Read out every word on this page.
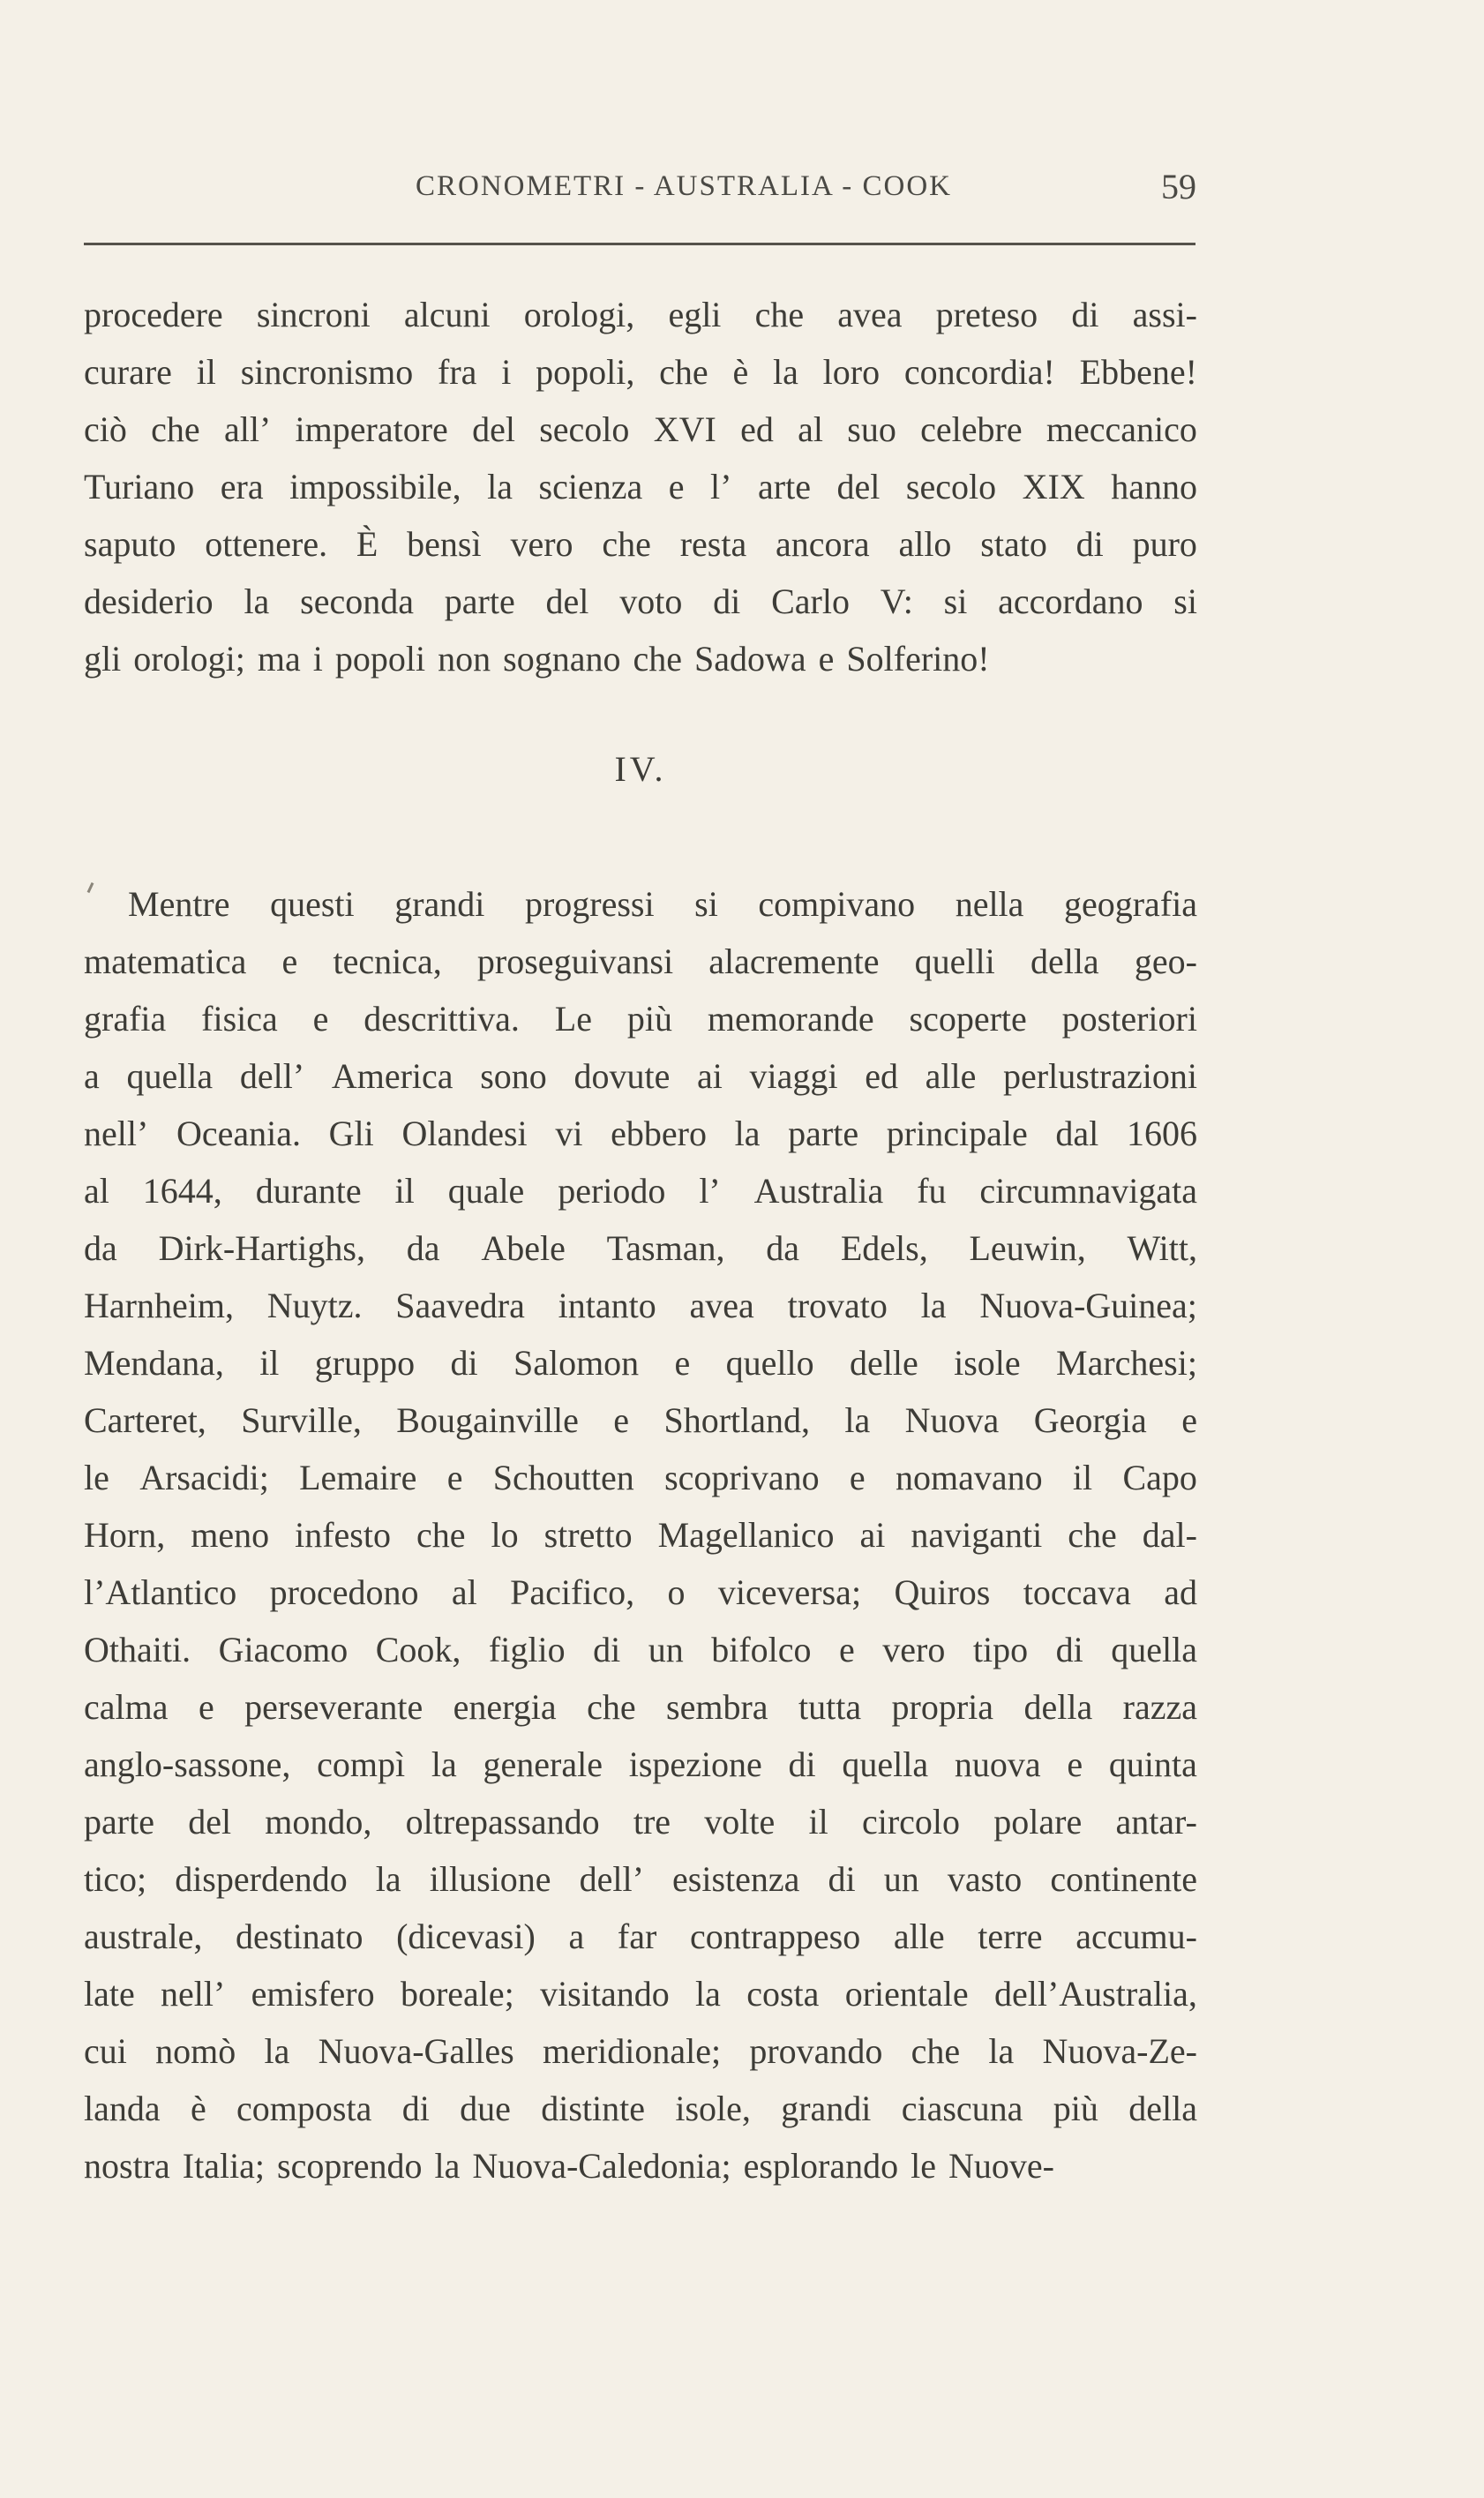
CRONOMETRI - AUSTRALIA - COOK	59
procedere sincroni alcuni orologi, egli che avea preteso di assi-
curare il sincronismo fra i popoli, che è la loro concordia! Ebbene!
ciò che all’ imperatore del secolo XVI ed al suo celebre meccanico
Turiano era impossibile, la scienza e l’ arte del secolo XIX hanno
saputo ottenere. È bensì vero che resta ancora allo stato di puro
desiderio la seconda parte del voto di Carlo V: si accordano si
gli orologi; ma i popoli non sognano che Sadowa e Solferino!
IV.
Mentre questi grandi progressi si compivano nella geografia
matematica e tecnica, proseguivansi alacremente quelli della geo-
grafia fisica e descrittiva. Le più memorande scoperte posteriori
a quella dell’ America sono dovute ai viaggi ed alle perlustrazioni
nell’ Oceania. Gli Olandesi vi ebbero la parte principale dal 1606
al 1644, durante il quale periodo l’ Australia fu circumnavigata
da Dirk-Hartighs, da Abele Tasman, da Edels, Leuwin, Witt,
Harnheim, Nuytz. Saavedra intanto avea trovato la Nuova-Guinea;
Mendana, il gruppo di Salomon e quello delle isole Marchesi;
Carteret, Surville, Bougainville e Shortland, la Nuova Georgia e
le Arsacidi; Lemaire e Schoutten scoprivano e nomavano il Capo
Horn, meno infesto che lo stretto Magellanico ai naviganti che dal-
l’Atlantico procedono al Pacifico, o viceversa; Quiros toccava ad
Othaiti. Giacomo Cook, figlio di un bifolco e vero tipo di quella
calma e perseverante energia che sembra tutta propria della razza
anglo-sassone, compì la generale ispezione di quella nuova e quinta
parte del mondo, oltrepassando tre volte il circolo polare antar-
tico; disperdendo la illusione dell’ esistenza di un vasto continente
australe, destinato (dicevasi) a far contrappeso alle terre accumu-
late nell’ emisfero boreale; visitando la costa orientale dell’Australia,
cui nomò la Nuova-Galles meridionale; provando che la Nuova-Ze-
landa è composta di due distinte isole, grandi ciascuna più della
nostra Italia; scoprendo la Nuova-Caledonia; esplorando le Nuove-
